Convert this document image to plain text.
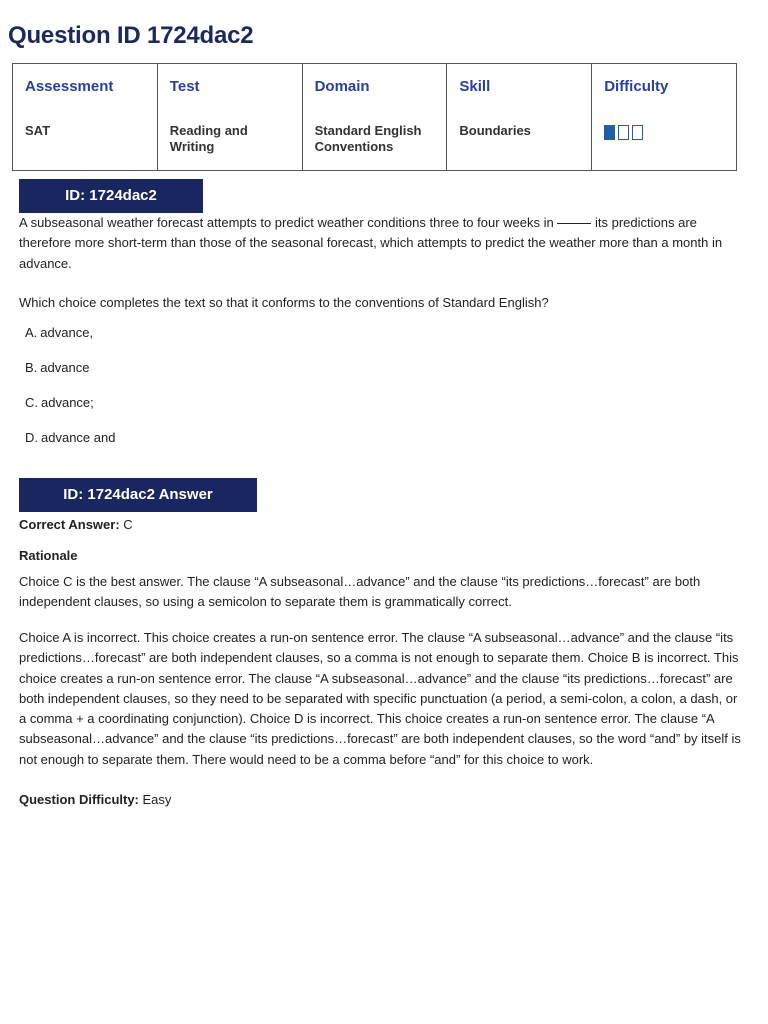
Question ID 1724dac2
Assessment	Test	Domain	Skill	Difficulty
SAT	Reading and Writing	Standard English Conventions	Boundaries	
ID: 1724dac2
A subseasonal weather forecast attempts to predict weather conditions three to four weeks in	its predictions are therefore more short-term than those of the seasonal forecast, which attempts to predict the weather more than a month in advance.
Which choice completes the text so that it conforms to the conventions of Standard English?
A. advance,
B. advance
C. advance;
D. advance and
ID: 1724dac2 Answer
Correct Answer: C
Rationale
Choice C is the best answer. The clause “A subseasonal…advance” and the clause “its predictions…forecast” are both independent clauses, so using a semicolon to separate them is grammatically correct.
Choice A is incorrect. This choice creates a run-on sentence error. The clause “A subseasonal…advance” and the clause “its predictions…forecast” are both independent clauses, so a comma is not enough to separate them. Choice B is incorrect. This choice creates a run-on sentence error. The clause “A subseasonal…advance” and the clause “its predictions…forecast” are both independent clauses, so they need to be separated with specific punctuation (a period, a semi-colon, a colon, a dash, or a comma + a coordinating conjunction). Choice D is incorrect. This choice creates a run-on sentence error. The clause “A subseasonal…advance” and the clause “its predictions…forecast” are both independent clauses, so the word “and” by itself is not enough to separate them. There would need to be a comma before “and” for this choice to work.
Question Difficulty: Easy
